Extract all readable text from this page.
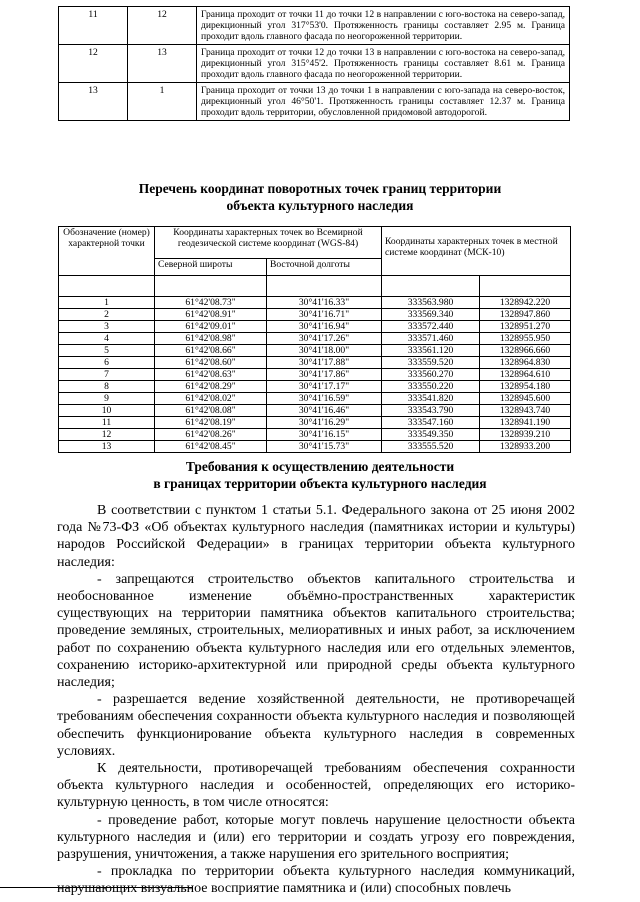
11	12	Граница проходит от точки 11 до точки 12 в направлении с юго-востока на северо-запад, дирекционный угол 317°53'0. Протяженность границы составляет 2.95 м. Граница проходит вдоль главного фасада по неогороженной территории.
12	13	Граница проходит от точки 12 до точки 13 в направлении с юго-востока на северо-запад, дирекционный угол 315°45'2. Протяженность границы составляет 8.61 м. Граница проходит вдоль главного фасада по неогороженной территории.
13	1	Граница проходит от точки 13 до точки 1 в направлении с юго-запада на северо-восток, дирекционный угол 46°50'1. Протяженность границы составляет 12.37 м. Граница проходит вдоль территории, обусловленной придомовой автодорогой.
Перечень координат поворотных точек границ территории
объекта культурного наследия
Обозначение (номер) характерной точки	Координаты характерных точек во Всемирной геодезической системе координат (WGS-84)		Координаты характерных точек в местной системе координат (МСК-10)	
	Северной широты	Восточной долготы		

1	61°42'08.73"	30°41'16.33"	333563.980	1328942.220
2	61°42'08.91"	30°41'16.71"	333569.340	1328947.860
3	61°42'09.01"	30°41'16.94"	333572.440	1328951.270
4	61°42'08.98"	30°41'17.26"	333571.460	1328955.950
5	61°42'08.66"	30°41'18.00"	333561.120	1328966.660
6	61°42'08.60"	30°41'17.88"	333559.520	1328964.830
7	61°42'08.63"	30°41'17.86"	333560.270	1328964.610
8	61°42'08.29"	30°41'17.17"	333550.220	1328954.180
9	61°42'08.02"	30°41'16.59"	333541.820	1328945.600
10	61°42'08.08"	30°41'16.46"	333543.790	1328943.740
11	61°42'08.19"	30°41'16.29"	333547.160	1328941.190
12	61°42'08.26"	30°41'16.15"	333549.350	1328939.210
13	61°42'08.45"	30°41'15.73"	333555.520	1328933.200
Требования к осуществлению деятельности
в границах территории объекта культурного наследия

В соответствии с пунктом 1 статьи 5.1. Федерального закона от 25 июня 2002 года №73-ФЗ «Об объектах культурного наследия (памятниках истории и культуры) народов Российской Федерации» в границах территории объекта культурного наследия:

- запрещаются строительство объектов капитального строительства и необоснованное изменение объёмно-пространственных характеристик существующих на территории памятника объектов капитального строительства; проведение земляных, строительных, мелиоративных и иных работ, за исключением работ по сохранению объекта культурного наследия или его отдельных элементов, сохранению историко-архитектурной или природной среды объекта культурного наследия;

- разрешается ведение хозяйственной деятельности, не противоречащей требованиям обеспечения сохранности объекта культурного наследия и позволяющей обеспечить функционирование объекта культурного наследия в современных условиях.

К деятельности, противоречащей требованиям обеспечения сохранности объекта культурного наследия и особенностей, определяющих его историко-культурную ценность, в том числе относятся:

- проведение работ, которые могут повлечь нарушение целостности объекта культурного наследия и (или) его территории и создать угрозу его повреждения, разрушения, уничтожения, а также нарушения его зрительного восприятия;

- прокладка по территории объекта культурного наследия коммуникаций, нарушающих визуальное восприятие памятника и (или) способных повлечь
